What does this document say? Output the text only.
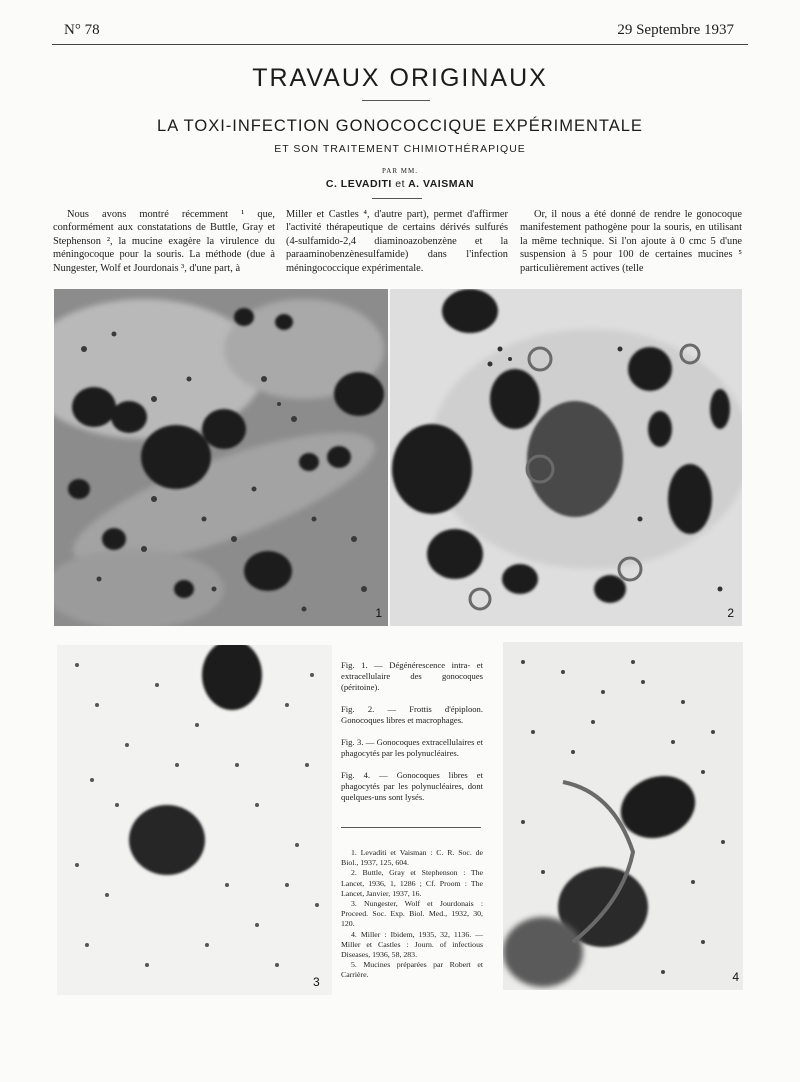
N° 78	29 Septembre 1937
TRAVAUX ORIGINAUX
LA TOXI-INFECTION GONOCOCCIQUE EXPÉRIMENTALE
ET SON TRAITEMENT CHIMIOTHÉRAPIQUE
PAR MM.
C. LEVADITI et A. VAISMAN

Nous avons montré récemment ¹ que, conformément aux constatations de Buttle, Gray et Stephenson ², la mucine exagère la virulence du méningocoque pour la souris. La méthode (due à Nungester, Wolf et Jourdonais ³, d'une part, à

Miller et Castles ⁴, d'autre part), permet d'affirmer l'activité thérapeutique de certains dérivés sulfurés (4-sulfamido-2,4 diaminoazobenzène et la paraaminobenzènesulfamide) dans l'infection méningococcique expérimentale.

Or, il nous a été donné de rendre le gonocoque manifestement pathogène pour la souris, en utilisant la même technique. Si l'on ajoute à 0 cmc 5 d'une suspension à 5 pour 100 de certaines mucines ⁵ particulièrement actives (telle

1	2
3	4

Fig. 1. — Dégénérescence intra- et extracellulaire des gonocoques (péritoine).

Fig. 2. — Frottis d'épiploon. Gonocoques libres et macrophages.

Fig. 3. — Gonocoques extracellulaires et phagocytés par les polynucléaires.

Fig. 4. — Gonocoques libres et phagocytés par les polynucléaires, dont quelques-uns sont lysés.

1. Levaditi et Vaisman : C. R. Soc. de Biol., 1937, 125, 604.

2. Buttle, Gray et Stephenson : The Lancet, 1936, 1, 1286 ; Cf. Proom : The Lancet, Janvier, 1937, 16.

3. Nungester, Wolf et Jourdonais : Proceed. Soc. Exp. Biol. Med., 1932, 30, 120.

4. Miller : Ibidem, 1935, 32, 1136. — Miller et Castles : Journ. of infectious Diseases, 1936, 58, 283.

5. Mucines préparées par Robert et Carrière.
